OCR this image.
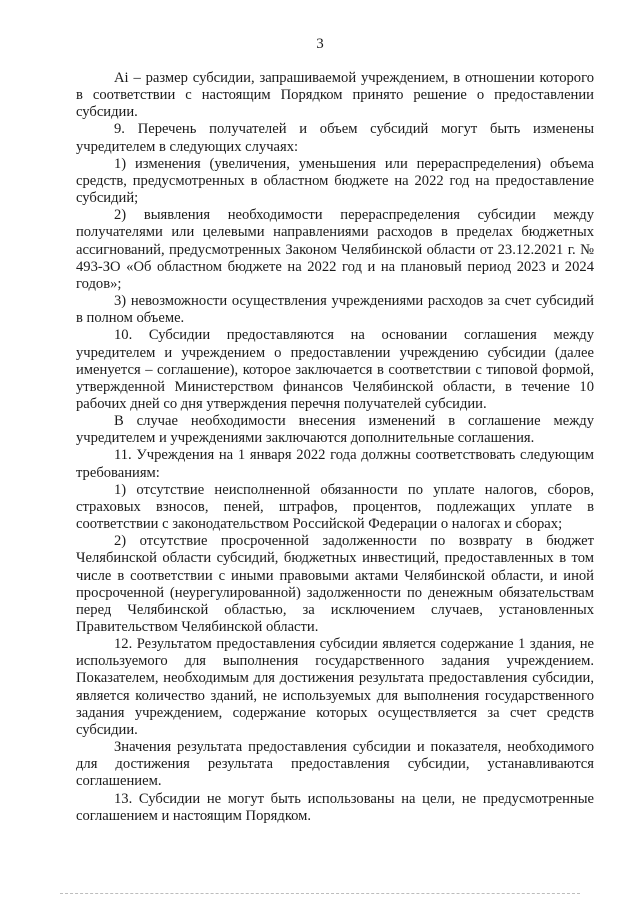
3

Ai – размер субсидии, запрашиваемой учреждением, в отношении которого в соответствии с настоящим Порядком принято решение о предоставлении субсидии.

9. Перечень получателей и объем субсидий могут быть изменены учредителем в следующих случаях:

1) изменения (увеличения, уменьшения или перераспределения) объема средств, предусмотренных в областном бюджете на 2022 год на предоставление субсидий;

2) выявления необходимости перераспределения субсидии между получателями или целевыми направлениями расходов в пределах бюджетных ассигнований, предусмотренных Законом Челябинской области от 23.12.2021 г. № 493-ЗО «Об областном бюджете на 2022 год и на плановый период 2023 и 2024 годов»;

3) невозможности осуществления учреждениями расходов за счет субсидий в полном объеме.

10. Субсидии предоставляются на основании соглашения между учредителем и учреждением о предоставлении учреждению субсидии (далее именуется – соглашение), которое заключается в соответствии с типовой формой, утвержденной Министерством финансов Челябинской области, в течение 10 рабочих дней со дня утверждения перечня получателей субсидии.

В случае необходимости внесения изменений в соглашение между учредителем и учреждениями заключаются дополнительные соглашения.

11. Учреждения на 1 января 2022 года должны соответствовать следующим требованиям:

1) отсутствие неисполненной обязанности по уплате налогов, сборов, страховых взносов, пеней, штрафов, процентов, подлежащих уплате в соответствии с законодательством Российской Федерации о налогах и сборах;

2) отсутствие просроченной задолженности по возврату в бюджет Челябинской области субсидий, бюджетных инвестиций, предоставленных в том числе в соответствии с иными правовыми актами Челябинской области, и иной просроченной (неурегулированной) задолженности по денежным обязательствам перед Челябинской областью, за исключением случаев, установленных Правительством Челябинской области.

12. Результатом предоставления субсидии является содержание 1 здания, не используемого для выполнения государственного задания учреждением. Показателем, необходимым для достижения результата предоставления субсидии, является количество зданий, не используемых для выполнения государственного задания учреждением, содержание которых осуществляется за счет средств субсидии.

Значения результата предоставления субсидии и показателя, необходимого для достижения результата предоставления субсидии, устанавливаются соглашением.

13. Субсидии не могут быть использованы на цели, не предусмотренные соглашением и настоящим Порядком.
